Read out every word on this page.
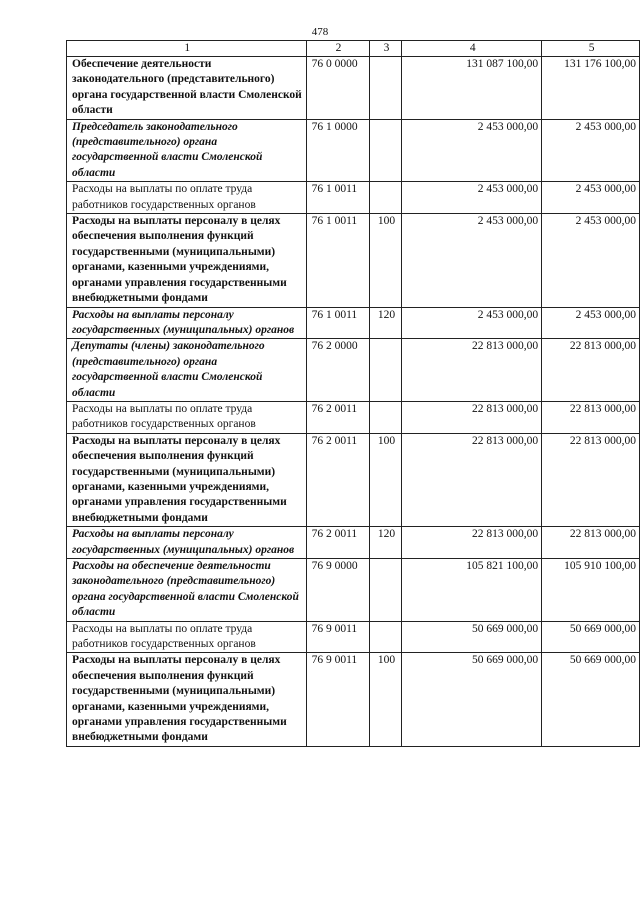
478
1	2	3	4	5
Обеспечение деятельности законодательного (представительного) органа государственной власти Смоленской области	76 0 0000		131 087 100,00	131 176 100,00
Председатель законодательного (представительного) органа государственной власти Смоленской области	76 1 0000		2 453 000,00	2 453 000,00
Расходы на выплаты по оплате труда работников государственных органов	76 1 0011		2 453 000,00	2 453 000,00
Расходы на выплаты персоналу в целях обеспечения выполнения функций государственными (муниципальными) органами, казенными учреждениями, органами управления государственными внебюджетными фондами	76 1 0011	100	2 453 000,00	2 453 000,00
Расходы на выплаты персоналу государственных (муниципальных) органов	76 1 0011	120	2 453 000,00	2 453 000,00
Депутаты (члены) законодательного (представительного) органа государственной власти Смоленской области	76 2 0000		22 813 000,00	22 813 000,00
Расходы на выплаты по оплате труда работников государственных органов	76 2 0011		22 813 000,00	22 813 000,00
Расходы на выплаты персоналу в целях обеспечения выполнения функций государственными (муниципальными) органами, казенными учреждениями, органами управления государственными внебюджетными фондами	76 2 0011	100	22 813 000,00	22 813 000,00
Расходы на выплаты персоналу государственных (муниципальных) органов	76 2 0011	120	22 813 000,00	22 813 000,00
Расходы на обеспечение деятельности законодательного (представительного) органа государственной власти Смоленской области	76 9 0000		105 821 100,00	105 910 100,00
Расходы на выплаты по оплате труда работников государственных органов	76 9 0011		50 669 000,00	50 669 000,00
Расходы на выплаты персоналу в целях обеспечения выполнения функций государственными (муниципальными) органами, казенными учреждениями, органами управления государственными внебюджетными фондами	76 9 0011	100	50 669 000,00	50 669 000,00
